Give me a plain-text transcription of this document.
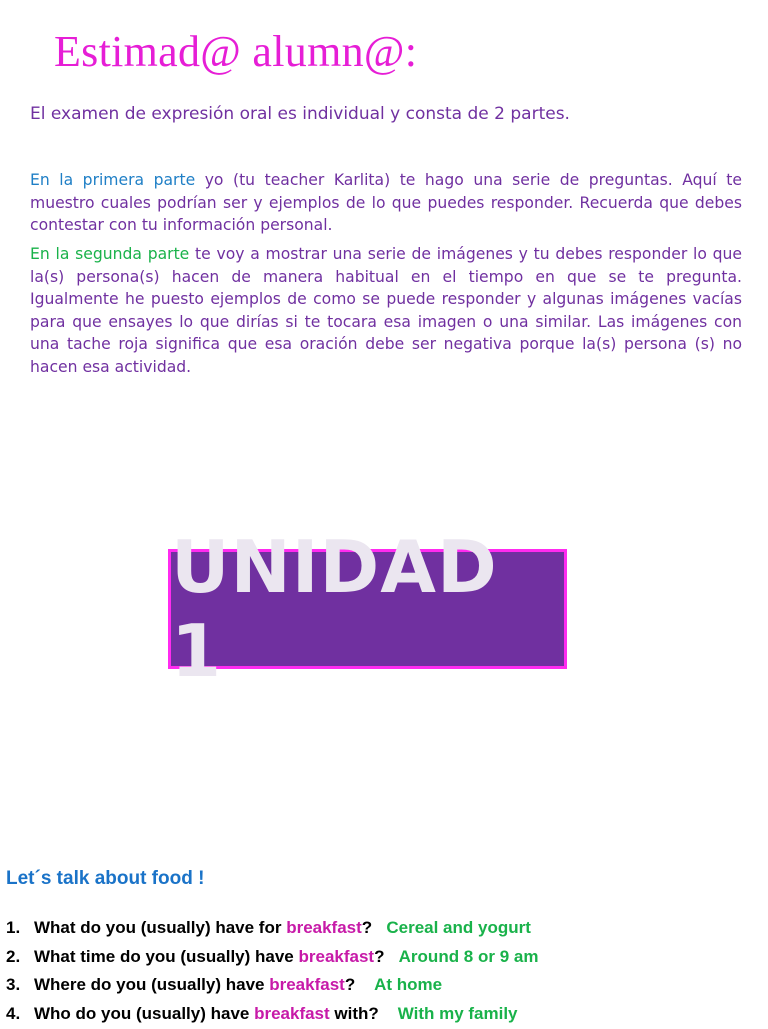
Estimad@ alumn@:

El examen de expresión oral es individual y consta de 2 partes.

En la primera parte yo (tu teacher Karlita) te hago una serie de preguntas. Aquí te muestro cuales podrían ser y ejemplos de lo que puedes responder. Recuerda que debes contestar con tu información personal.

En la segunda parte te voy a mostrar una serie de imágenes y tu debes responder lo que la(s) persona(s) hacen de manera habitual en el tiempo en que se te pregunta. Igualmente he puesto ejemplos de como se puede responder y algunas imágenes vacías para que ensayes lo que dirías si te tocara esa imagen o una similar. Las imágenes con una tache roja significa que esa oración debe ser negativa porque la(s) persona (s) no hacen esa actividad.

UNIDAD 1
Let´s talk about food !
1. What do you (usually) have for breakfast? Cereal and yogurt
2. What time do you (usually) have breakfast? Around 8 or 9 am
3. Where do you (usually) have breakfast? At home
4. Who do you (usually) have breakfast with? With my family
